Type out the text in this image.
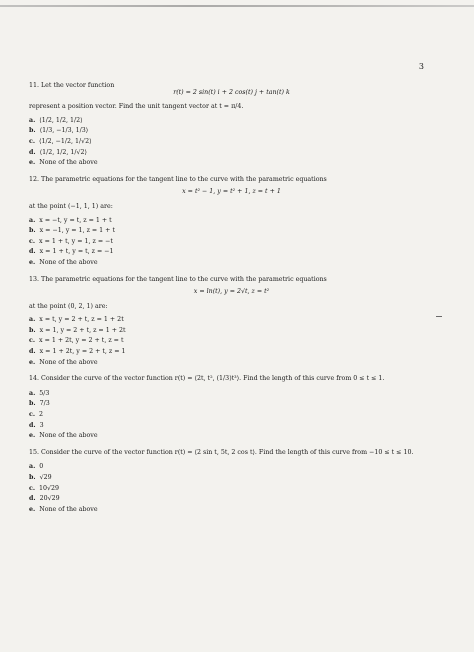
3
11. Let the vector function
r(t) = 2 sin(t) i + 2 cos(t) j + tan(t) k
represent a position vector. Find the unit tangent vector at t = π/4.
a. ⟨1/2, 1/2, 1/2⟩
b. ⟨1/3, −1/3, 1/3⟩
c. ⟨1/2, −1/2, 1/√2⟩
d. ⟨1/2, 1/2, 1/√2⟩
e. None of the above
12. The parametric equations for the tangent line to the curve with the parametric equations
x = t² − 1, y = t² + 1, z = t + 1
at the point (−1, 1, 1) are:
a. x = −t, y = t, z = 1 + t
b. x = −1, y = 1, z = 1 + t
c. x = 1 + t, y = 1, z = −t
d. x = 1 + t, y = t, z = −1
e. None of the above
13. The parametric equations for the tangent line to the curve with the parametric equations
x = ln(t), y = 2√t, z = t²
at the point (0, 2, 1) are:
a. x = t, y = 2 + t, z = 1 + 2t
b. x = 1, y = 2 + t, z = 1 + 2t
c. x = 1 + 2t, y = 2 + t, z = t
d. x = 1 + 2t, y = 2 + t, z = 1
e. None of the above
14. Consider the curve of the vector function r(t) = ⟨2t, t², (1/3)t³⟩. Find the length of this curve from 0 ≤ t ≤ 1.
a. 5/3
b. 7/3
c. 2
d. 3
e. None of the above
15. Consider the curve of the vector function r(t) = ⟨2 sin t, 5t, 2 cos t⟩. Find the length of this curve from −10 ≤ t ≤ 10.
a. 0
b. √29
c. 10√29
d. 20√29
e. None of the above
